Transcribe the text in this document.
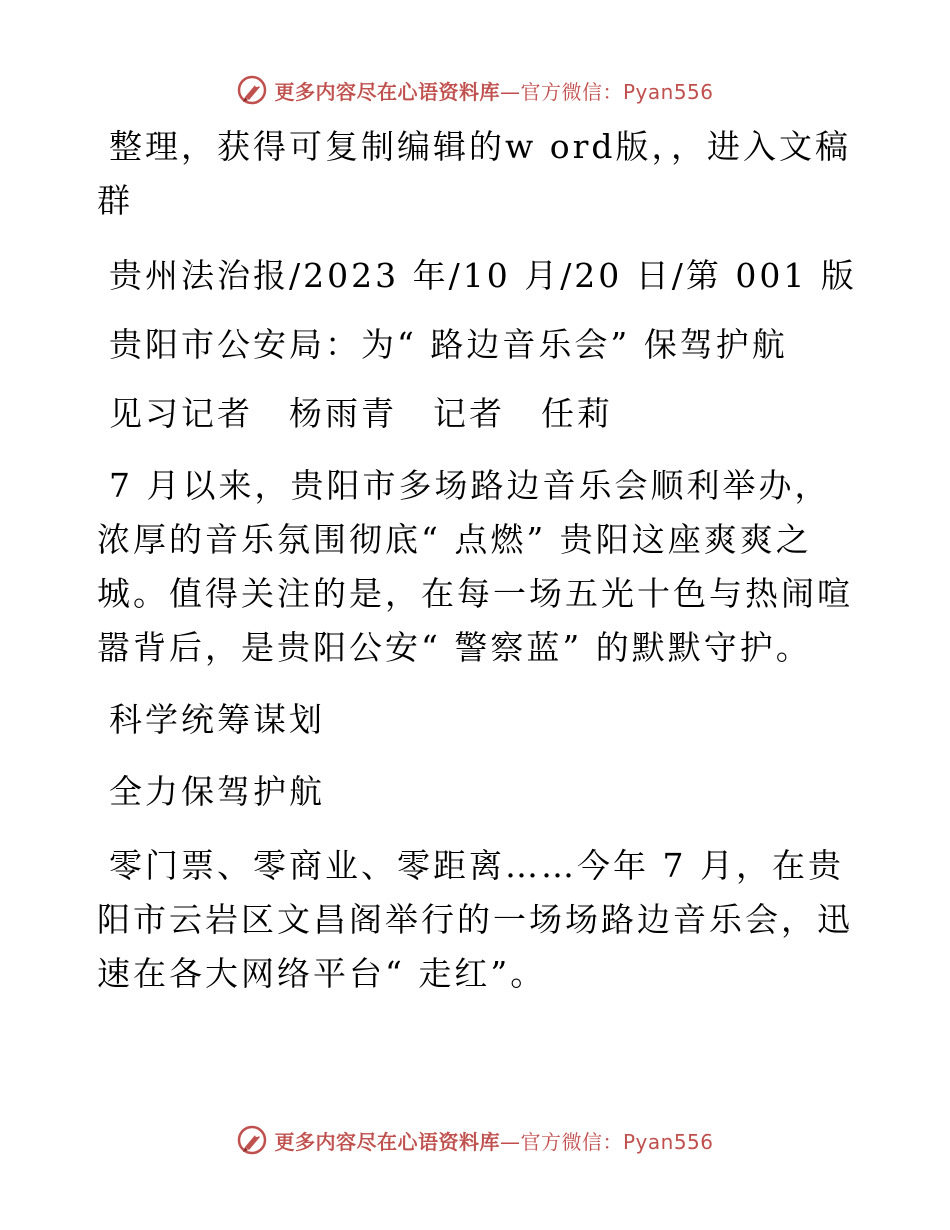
更多内容尽在心语资料库—官方微信：Pyan556

整理，获得可复制编辑的w ord版，，进入文稿群

贵州法治报/2023 年/10 月/20 日/第 001 版

贵阳市公安局：为“ 路边音乐会” 保驾护航

见习记者　杨雨青　记者　任莉

7 月以来，贵阳市多场路边音乐会顺利举办，浓厚的音乐氛围彻底“ 点燃” 贵阳这座爽爽之城。值得关注的是，在每一场五光十色与热闹喧嚣背后，是贵阳公安“ 警察蓝” 的默默守护。

科学统筹谋划

全力保驾护航

零门票、零商业、零距离……今年 7 月，在贵阳市云岩区文昌阁举行的一场场路边音乐会，迅速在各大网络平台“ 走红”。

更多内容尽在心语资料库—官方微信：Pyan556
